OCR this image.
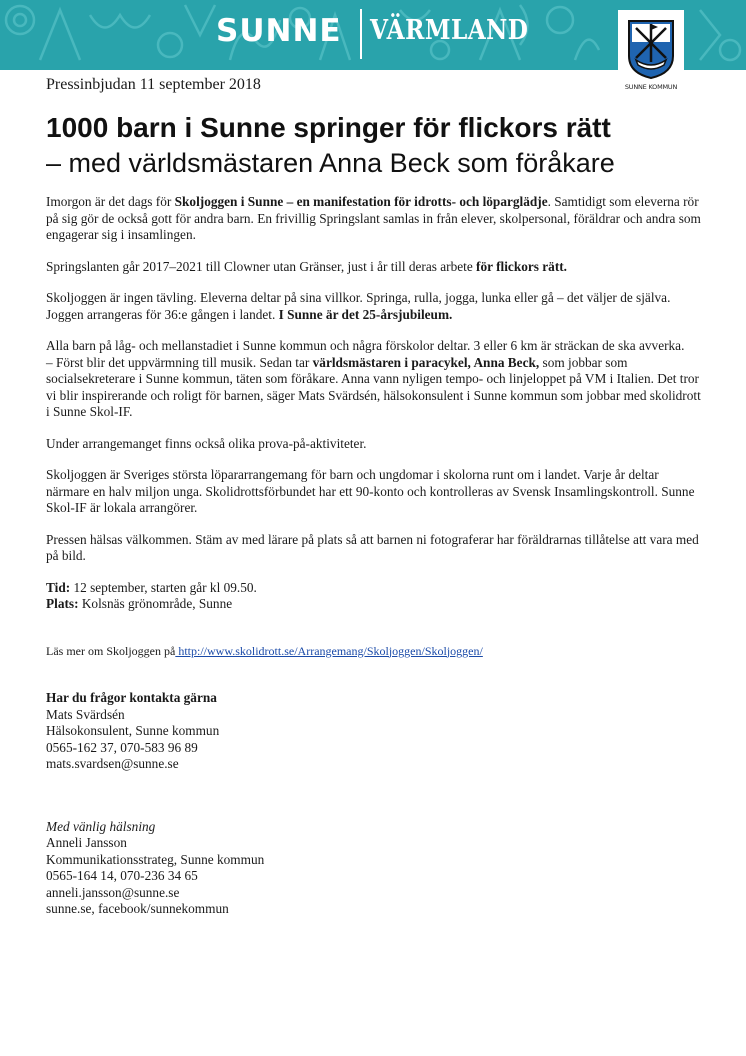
SUNNE VÄRMLAND
SUNNE KOMMUN
Pressinbjudan 11 september 2018
1000 barn i Sunne springer för flickors rätt
– med världsmästaren Anna Beck som föråkare

Imorgon är det dags för Skoljoggen i Sunne – en manifestation för idrotts- och löparglädje. Samtidigt som eleverna rör på sig gör de också gott för andra barn. En frivillig Springslant samlas in från elever, skolpersonal, föräldrar och andra som engagerar sig i insamlingen.

Springslanten går 2017–2021 till Clowner utan Gränser, just i år till deras arbete för flickors rätt.

Skoljoggen är ingen tävling. Eleverna deltar på sina villkor. Springa, rulla, jogga, lunka eller gå – det väljer de själva. Joggen arrangeras för 36:e gången i landet. I Sunne är det 25-årsjubileum.

Alla barn på låg- och mellanstadiet i Sunne kommun och några förskolor deltar. 3 eller 6 km är sträckan de ska avverka.
– Först blir det uppvärmning till musik. Sedan tar världsmästaren i paracykel, Anna Beck, som jobbar som socialsekreterare i Sunne kommun, täten som föråkare. Anna vann nyligen tempo- och linjeloppet på VM i Italien. Det tror vi blir inspirerande och roligt för barnen, säger Mats Svärdsén, hälsokonsulent i Sunne kommun som jobbar med skolidrott i Sunne Skol-IF.

Under arrangemanget finns också olika prova-på-aktiviteter.

Skoljoggen är Sveriges största löpararrangemang för barn och ungdomar i skolorna runt om i landet. Varje år deltar närmare en halv miljon unga. Skolidrottsförbundet har ett 90-konto och kontrolleras av Svensk Insamlingskontroll. Sunne Skol-IF är lokala arrangörer.

Pressen hälsas välkommen. Stäm av med lärare på plats så att barnen ni fotograferar har föräldrarnas tillåtelse att vara med på bild.

Tid: 12 september, starten går kl 09.50.
Plats: Kolsnäs grönområde, Sunne
Läs mer om Skoljoggen på http://www.skolidrott.se/Arrangemang/Skoljoggen/Skoljoggen/
Har du frågor kontakta gärna
Mats Svärdsén
Hälsokonsulent, Sunne kommun
0565-162 37, 070-583 96 89
mats.svardsen@sunne.se
Med vänlig hälsning
Anneli Jansson
Kommunikationsstrateg, Sunne kommun
0565-164 14, 070-236 34 65
anneli.jansson@sunne.se
sunne.se, facebook/sunnekommun
